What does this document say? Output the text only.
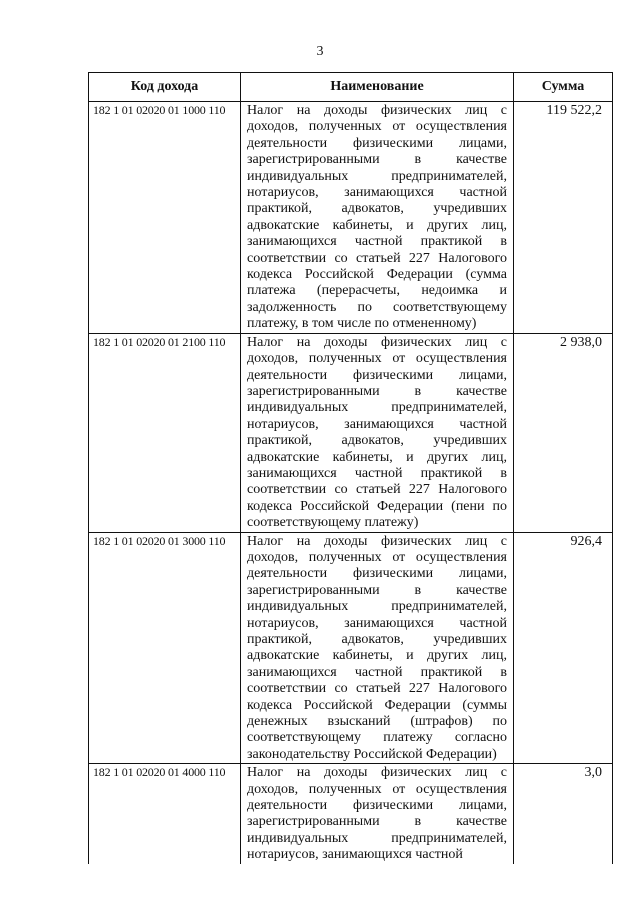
3
Код дохода	Наименование	Сумма
182 1 01 02020 01 1000 110	Налог на доходы физических лиц с доходов, полученных от осуществления деятельности физическими лицами, зарегистрированными в качестве индивидуальных предпринимателей, нотариусов, занимающихся частной практикой, адвокатов, учредивших адвокатские кабинеты, и других лиц, занимающихся частной практикой в соответствии со статьей 227 Налогового кодекса Российской Федерации (сумма платежа (перерасчеты, недоимка и задолженность по соответствующему платежу, в том числе по отмененному)	119 522,2
182 1 01 02020 01 2100 110	Налог на доходы физических лиц с доходов, полученных от осуществления деятельности физическими лицами, зарегистрированными в качестве индивидуальных предпринимателей, нотариусов, занимающихся частной практикой, адвокатов, учредивших адвокатские кабинеты, и других лиц, занимающихся частной практикой в соответствии со статьей 227 Налогового кодекса Российской Федерации (пени по соответствующему платежу)	2 938,0
182 1 01 02020 01 3000 110	Налог на доходы физических лиц с доходов, полученных от осуществления деятельности физическими лицами, зарегистрированными в качестве индивидуальных предпринимателей, нотариусов, занимающихся частной практикой, адвокатов, учредивших адвокатские кабинеты, и других лиц, занимающихся частной практикой в соответствии со статьей 227 Налогового кодекса Российской Федерации (суммы денежных взысканий (штрафов) по соответствующему платежу согласно законодательству Российской Федерации)	926,4
182 1 01 02020 01 4000 110	Налог на доходы физических лиц с доходов, полученных от осуществления деятельности физическими лицами, зарегистрированными в качестве индивидуальных предпринимателей, нотариусов, занимающихся частной	3,0
